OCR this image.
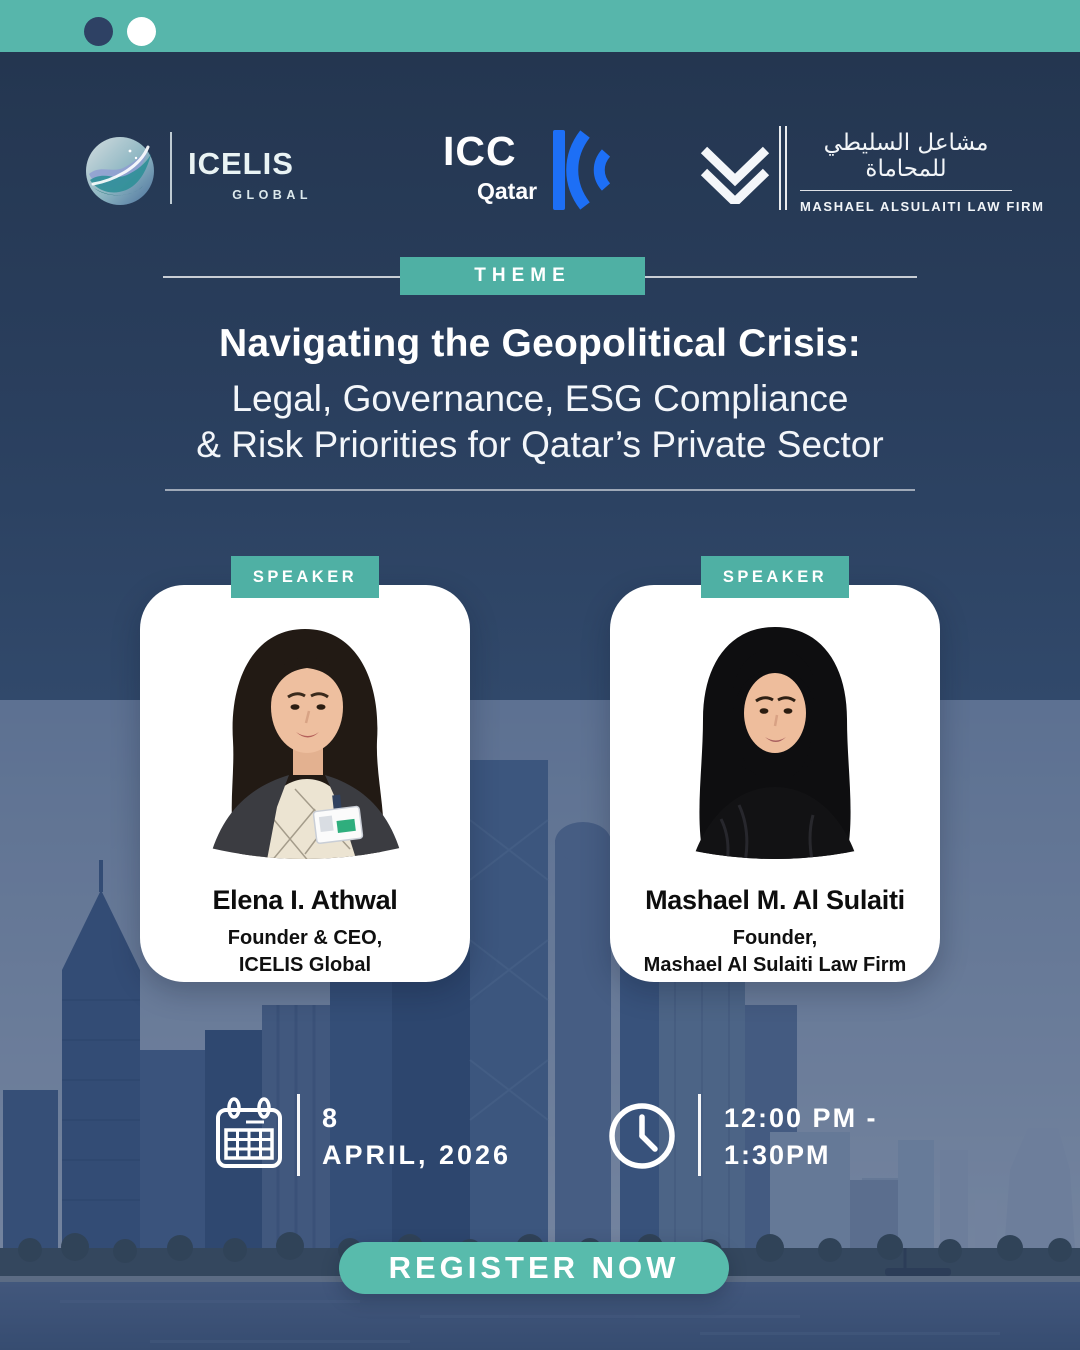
ICELIS
GLOBAL
ICC
Qatar
مشاعل السليطي للمحاماة
MASHAEL ALSULAITI LAW FIRM
THEME
Navigating the Geopolitical Crisis:
Legal, Governance, ESG Compliance
& Risk Priorities for Qatar’s Private Sector
SPEAKER
Elena I. Athwal
Founder & CEO,
ICELIS Global
SPEAKER
Mashael M. Al Sulaiti
Founder,
Mashael Al Sulaiti Law Firm
8
APRIL, 2026
12:00 PM -
1:30PM
REGISTER NOW
